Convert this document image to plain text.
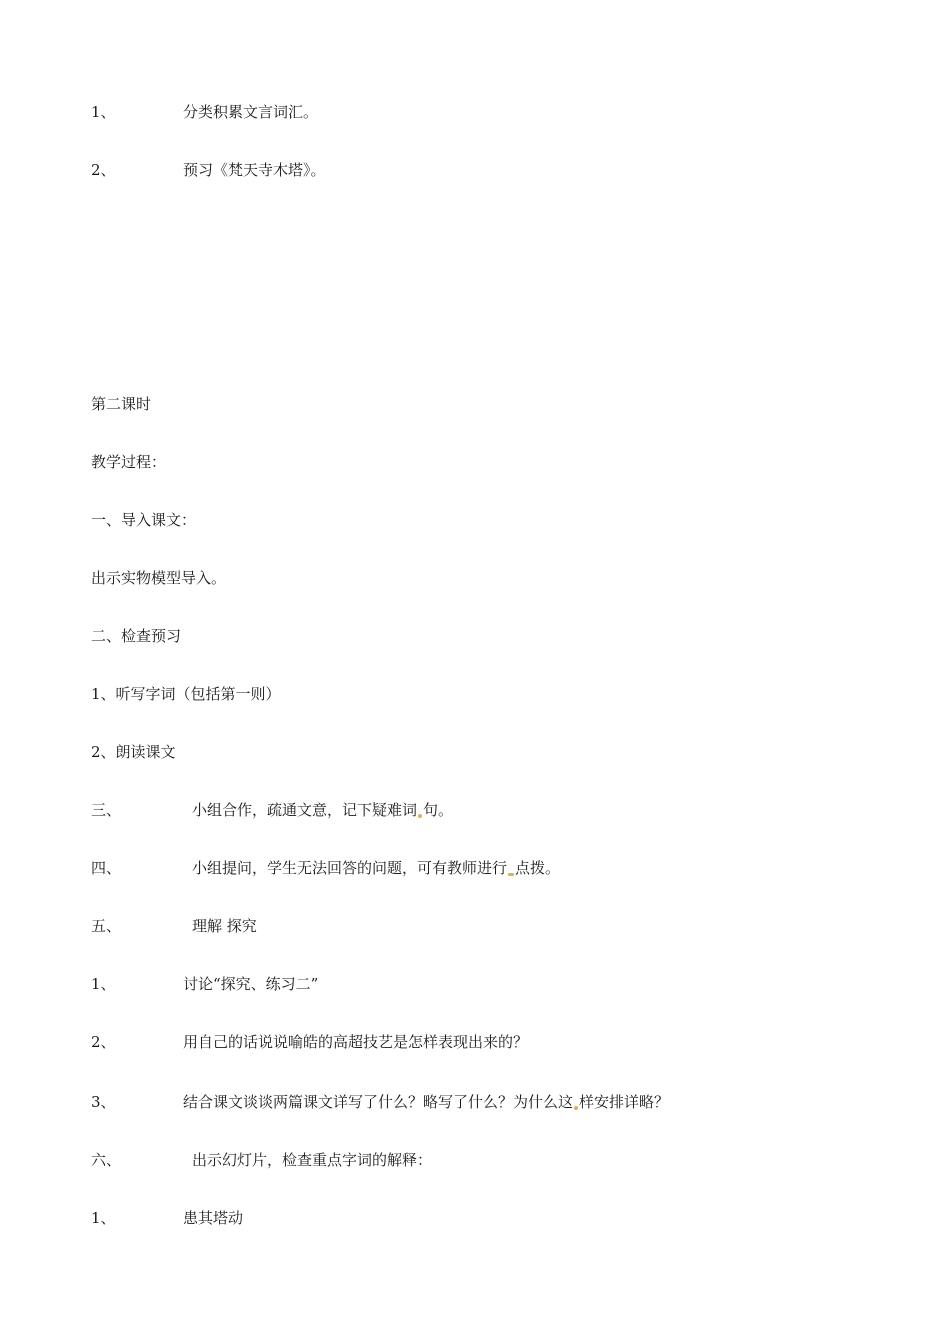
1、	分类积累文言词汇。
2、	预习《梵天寺木塔》。
第二课时
教学过程：
一、导入课文：
出示实物模型导入。
二、检查预习
1、听写字词（包括第一则）
2、朗读课文
三、	小组合作，疏通文意，记下疑难词 句。
四、	小组提问，学生无法回答的问题，可有教师进行 点拨。
五、	理解 探究
1、	讨论“探究、练习二”
2、	用自己的话说说喻皓的高超技艺是怎样表现出来的？
3、	结合课文谈谈两篇课文详写了什么？略写了什么？为什么这 样安排详略？
六、	出示幻灯片，检查重点字词的解释：
1、	患其塔动
